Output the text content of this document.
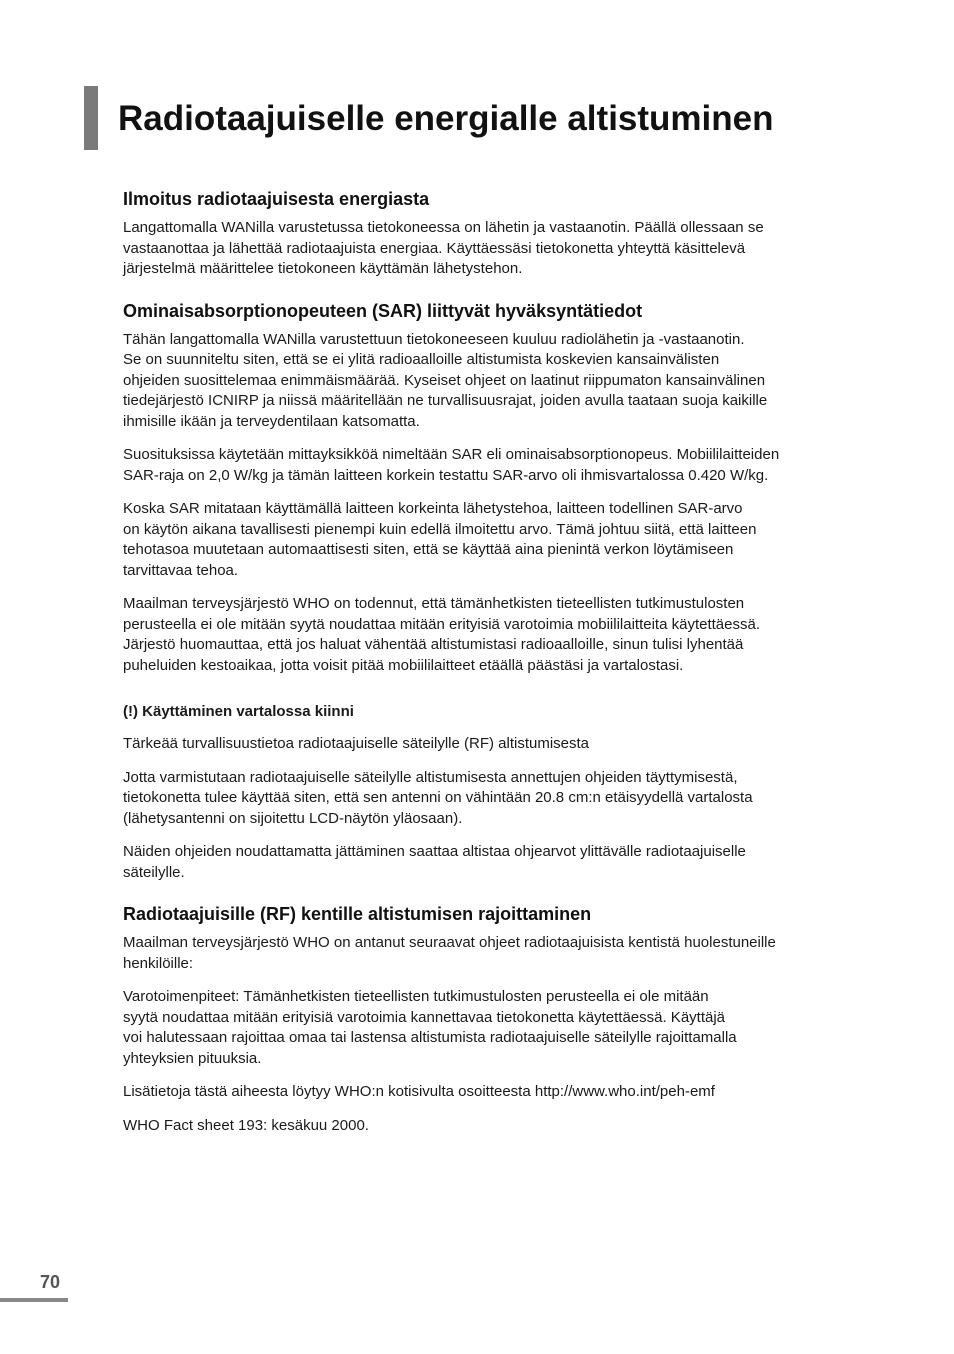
Radiotaajuiselle energialle altistuminen
Ilmoitus radiotaajuisesta energiasta

Langattomalla WANilla varustetussa tietokoneessa on lähetin ja vastaanotin. Päällä ollessaan se
vastaanottaa ja lähettää radiotaajuista energiaa. Käyttäessäsi tietokonetta yhteyttä käsittelevä
järjestelmä määrittelee tietokoneen käyttämän lähetystehon.

Ominaisabsorptionopeuteen (SAR) liittyvät hyväksyntätiedot

Tähän langattomalla WANilla varustettuun tietokoneeseen kuuluu radiolähetin ja -vastaanotin.
Se on suunniteltu siten, että se ei ylitä radioaalloille altistumista koskevien kansainvälisten
ohjeiden suosittelemaa enimmäismäärää. Kyseiset ohjeet on laatinut riippumaton kansainvälinen
tiedejärjestö ICNIRP ja niissä määritellään ne turvallisuusrajat, joiden avulla taataan suoja kaikille
ihmisille ikään ja terveydentilaan katsomatta.

Suosituksissa käytetään mittayksikköä nimeltään SAR eli ominaisabsorptionopeus. Mobiililaitteiden
SAR-raja on 2,0 W/kg ja tämän laitteen korkein testattu SAR-arvo oli ihmisvartalossa 0.420 W/kg.

Koska SAR mitataan käyttämällä laitteen korkeinta lähetystehoa, laitteen todellinen SAR-arvo
on käytön aikana tavallisesti pienempi kuin edellä ilmoitettu arvo. Tämä johtuu siitä, että laitteen
tehotasoa muutetaan automaattisesti siten, että se käyttää aina pienintä verkon löytämiseen
tarvittavaa tehoa.

Maailman terveysjärjestö WHO on todennut, että tämänhetkisten tieteellisten tutkimustulosten
perusteella ei ole mitään syytä noudattaa mitään erityisiä varotoimia mobiililaitteita käytettäessä.
Järjestö huomauttaa, että jos haluat vähentää altistumistasi radioaalloille, sinun tulisi lyhentää
puheluiden kestoaikaa, jotta voisit pitää mobiililaitteet etäällä päästäsi ja vartalostasi.

(!) Käyttäminen vartalossa kiinni

Tärkeää turvallisuustietoa radiotaajuiselle säteilylle (RF) altistumisesta

Jotta varmistutaan radiotaajuiselle säteilylle altistumisesta annettujen ohjeiden täyttymisestä,
tietokonetta tulee käyttää siten, että sen antenni on vähintään 20.8 cm:n etäisyydellä vartalosta
(lähetysantenni on sijoitettu LCD-näytön yläosaan).

Näiden ohjeiden noudattamatta jättäminen saattaa altistaa ohjearvot ylittävälle radiotaajuiselle
säteilylle.

Radiotaajuisille (RF) kentille altistumisen rajoittaminen

Maailman terveysjärjestö WHO on antanut seuraavat ohjeet radiotaajuisista kentistä huolestuneille
henkilöille:

Varotoimenpiteet: Tämänhetkisten tieteellisten tutkimustulosten perusteella ei ole mitään
syytä noudattaa mitään erityisiä varotoimia kannettavaa tietokonetta käytettäessä. Käyttäjä
voi halutessaan rajoittaa omaa tai lastensa altistumista radiotaajuiselle säteilylle rajoittamalla
yhteyksien pituuksia.

Lisätietoja tästä aiheesta löytyy WHO:n kotisivulta osoitteesta http://www.who.int/peh-emf

WHO Fact sheet 193: kesäkuu 2000.

70
